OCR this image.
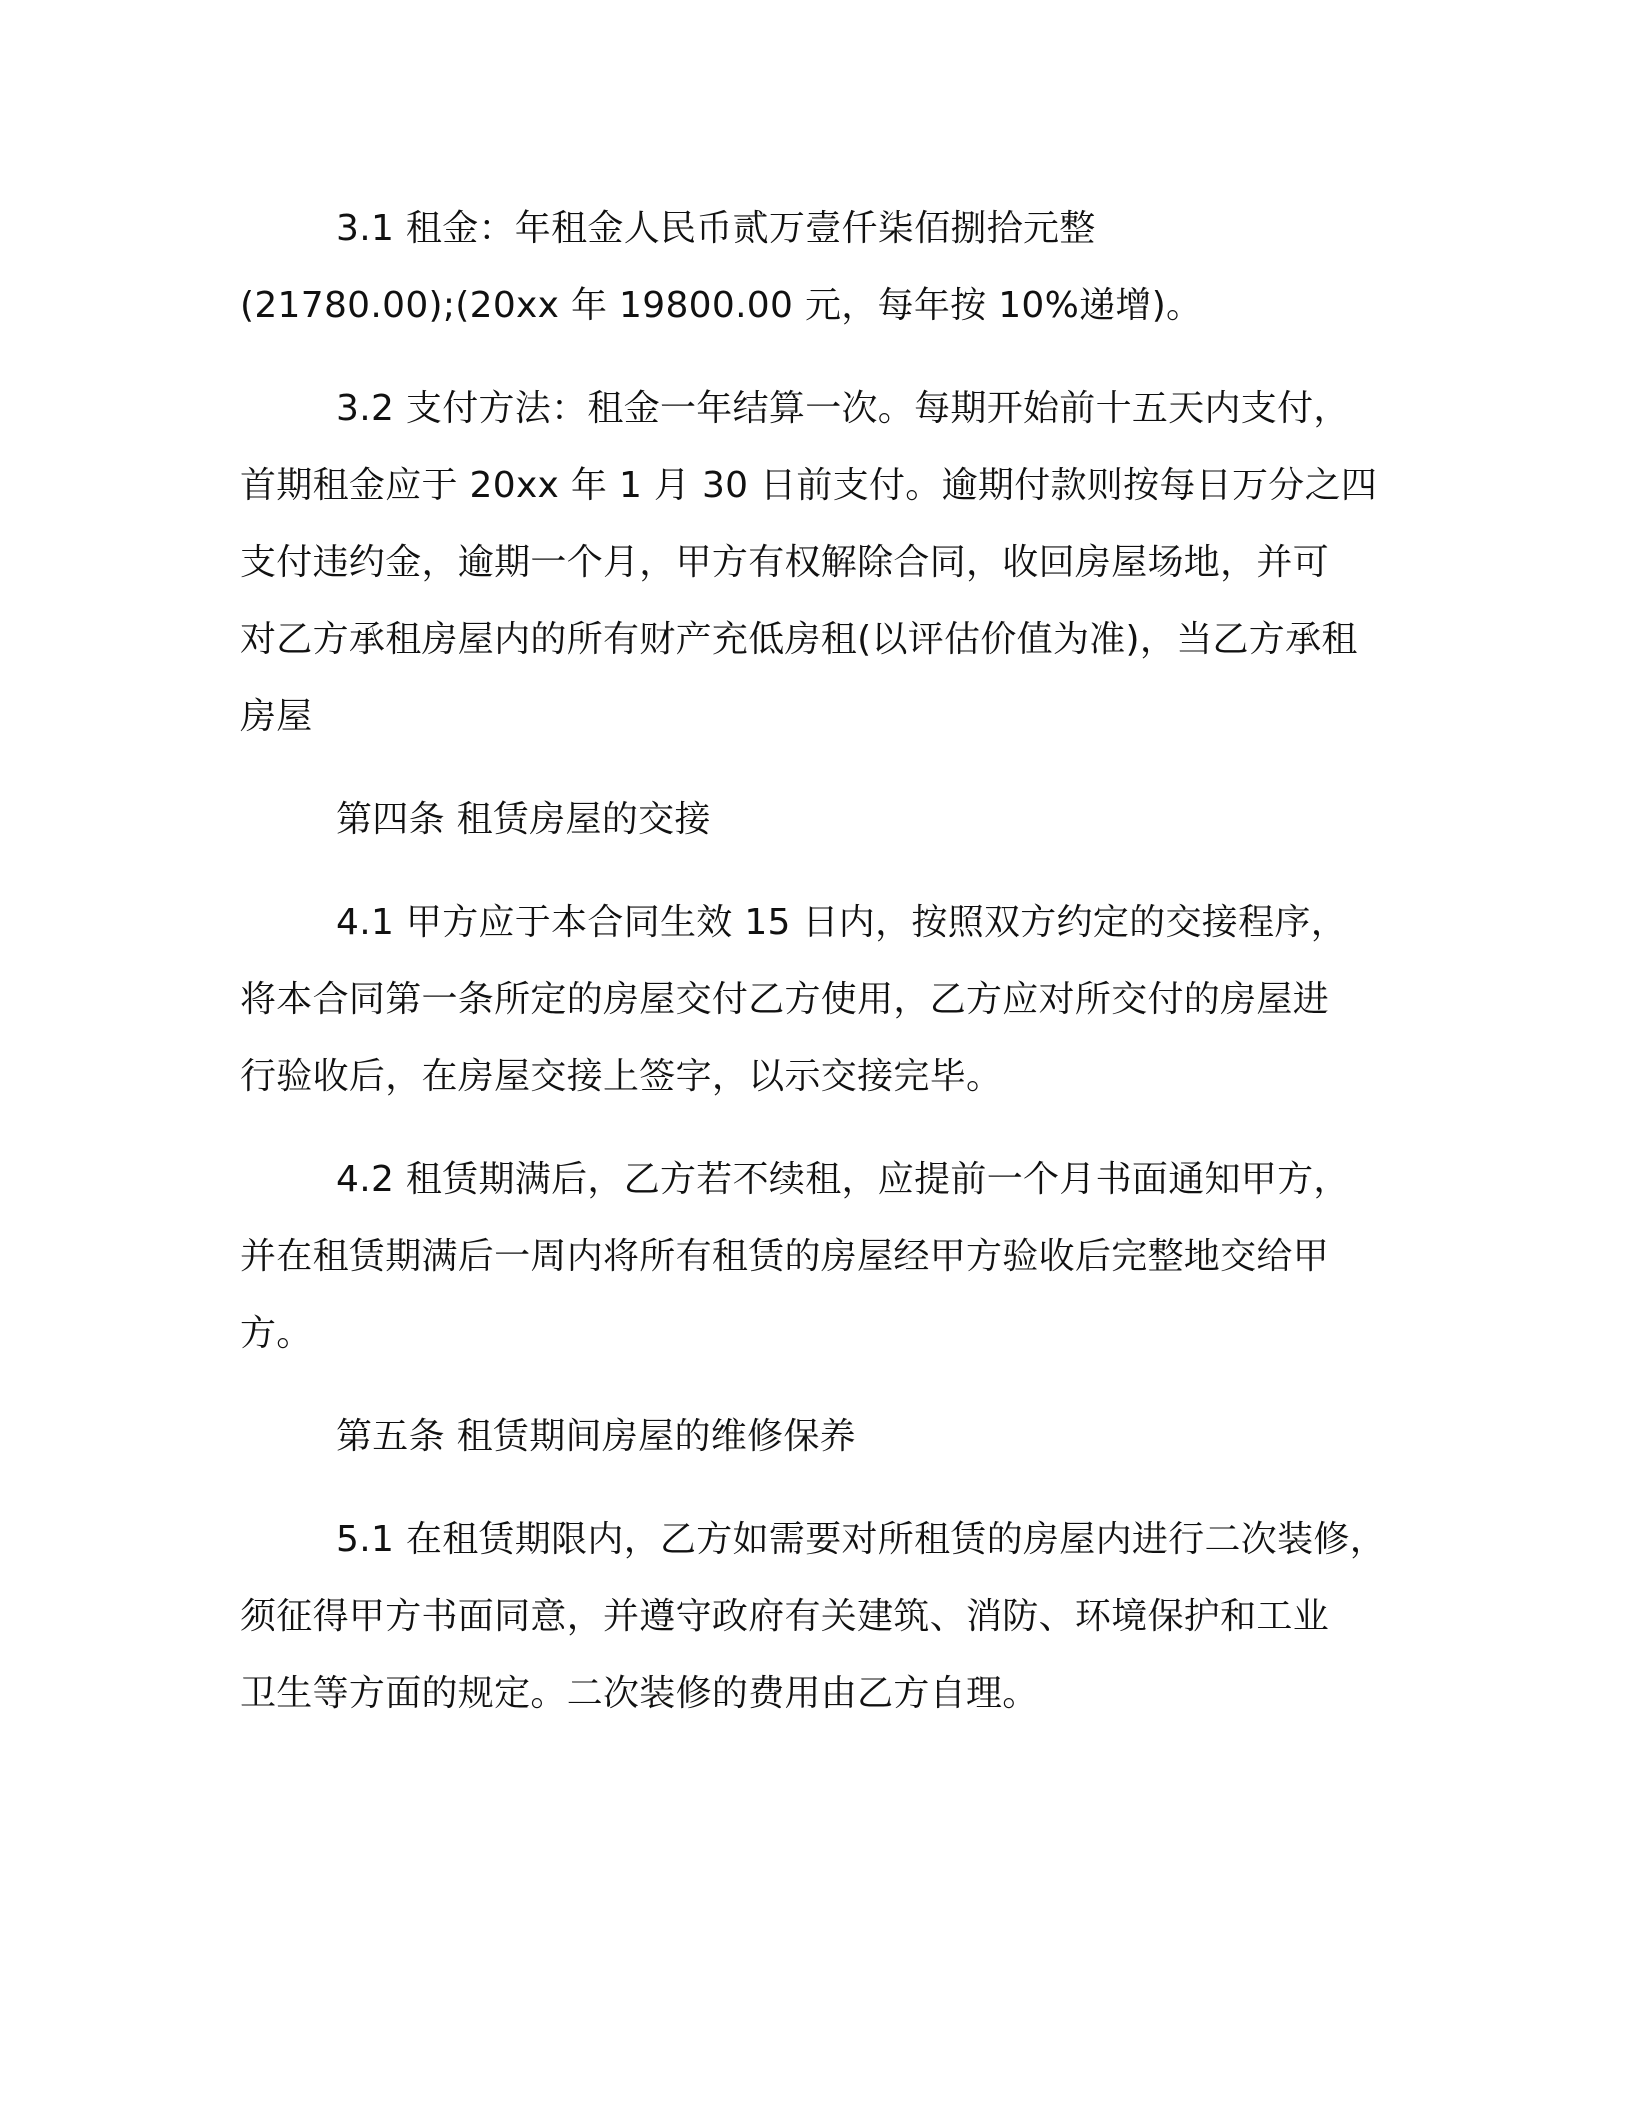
3.1 租金：年租金人民币贰万壹仟柒佰捌拾元整
(21780.00);(20xx 年 19800.00 元，每年按 10%递增)。
3.2 支付方法：租金一年结算一次。每期开始前十五天内支付，
首期租金应于 20xx 年 1 月 30 日前支付。逾期付款则按每日万分之四
支付违约金，逾期一个月，甲方有权解除合同，收回房屋场地，并可
对乙方承租房屋内的所有财产充低房租(以评估价值为准)，当乙方承租
房屋
第四条 租赁房屋的交接
4.1 甲方应于本合同生效 15 日内，按照双方约定的交接程序，
将本合同第一条所定的房屋交付乙方使用，乙方应对所交付的房屋进
行验收后，在房屋交接上签字，以示交接完毕。
4.2 租赁期满后，乙方若不续租，应提前一个月书面通知甲方，
并在租赁期满后一周内将所有租赁的房屋经甲方验收后完整地交给甲
方。
第五条 租赁期间房屋的维修保养
5.1 在租赁期限内，乙方如需要对所租赁的房屋内进行二次装修，
须征得甲方书面同意，并遵守政府有关建筑、消防、环境保护和工业
卫生等方面的规定。二次装修的费用由乙方自理。
